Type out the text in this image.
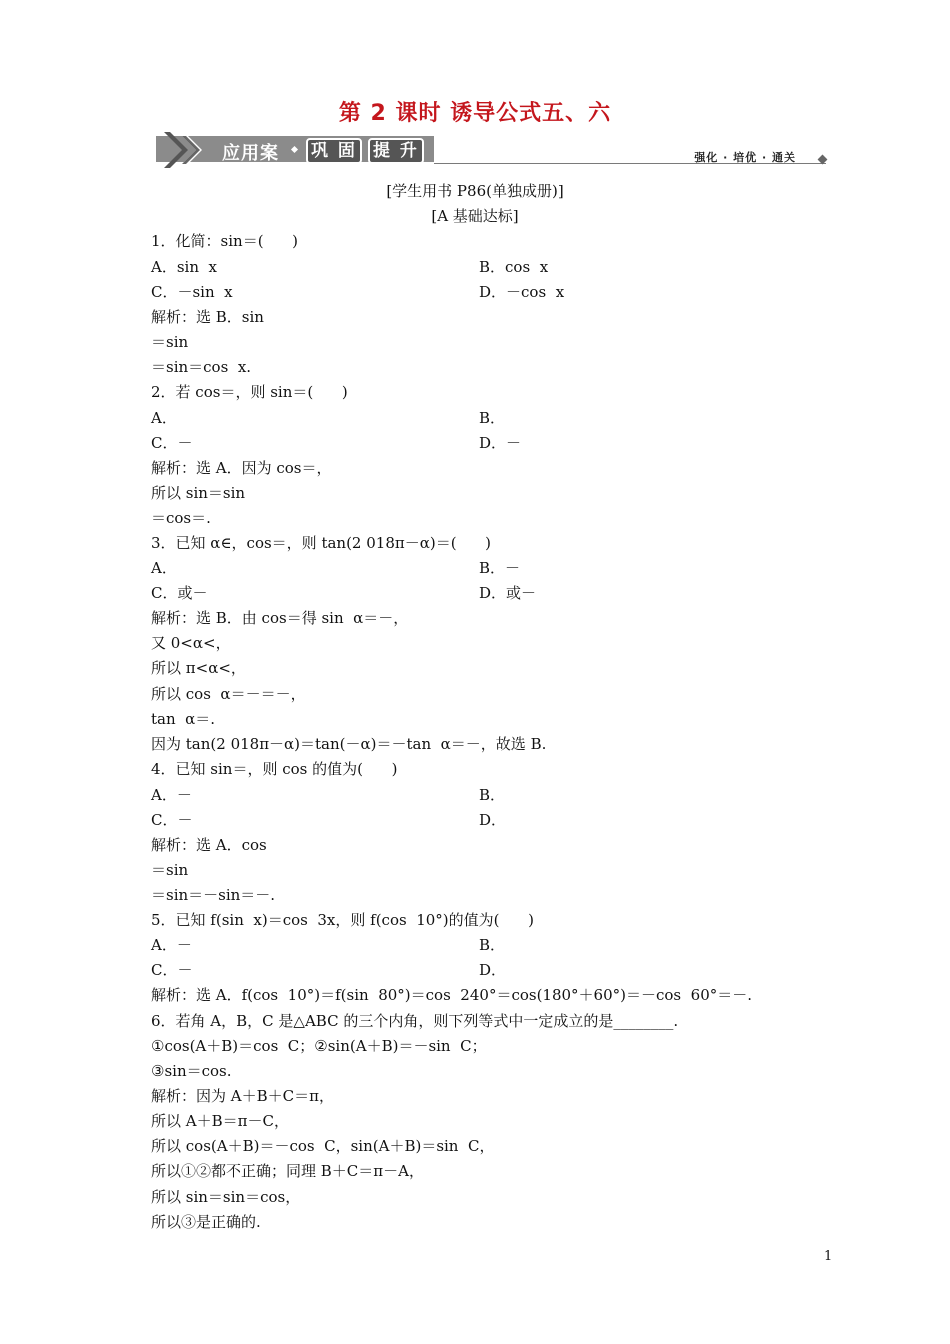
第 2 课时 诱导公式五、六
应用案 巩 固 提 升	强化 · 培优 · 通关
[学生用书 P86(单独成册)]
[A 基础达标]
1．化简：sin＝(      )
A．sin  x
C．－sin  x
解析：选 B．sin
＝sin
＝sin＝cos  x.
2．若 cos＝，则 sin＝(      )
A．
C．－
解析：选 A．因为 cos＝，
所以 sin＝sin
＝cos＝.
3．已知 α∈，cos＝，则 tan(2 018π－α)＝(      )
A．
C．或－
解析：选 B．由 cos＝得 sin  α＝－，
又 0<α<，
所以 π<α<，
所以 cos  α＝－＝－，
tan  α＝.
因为 tan(2 018π－α)＝tan(－α)＝－tan  α＝－，故选 B.
4．已知 sin＝，则 cos 的值为(      )
A．－
C．－
解析：选 A．cos
＝sin
＝sin＝－sin＝－.
5．已知 f(sin  x)＝cos  3x，则 f(cos  10°)的值为(      )
A．－
C．－
解析：选 A．f(cos  10°)＝f(sin  80°)＝cos  240°＝cos(180°＋60°)＝－cos  60°＝－.
6．若角 A，B，C 是△ABC 的三个内角，则下列等式中一定成立的是________.
①cos(A＋B)＝cos  C；②sin(A＋B)＝－sin  C；
③sin＝cos.
解析：因为 A＋B＋C＝π，
所以 A＋B＝π－C，
所以 cos(A＋B)＝－cos  C，sin(A＋B)＝sin  C，
所以①②都不正确；同理 B＋C＝π－A，
所以 sin＝sin＝cos，
所以③是正确的.
B．cos  x
D．－cos  x
B．
D．－
B．－
D．或－
B．
D．
B．
D．
1
